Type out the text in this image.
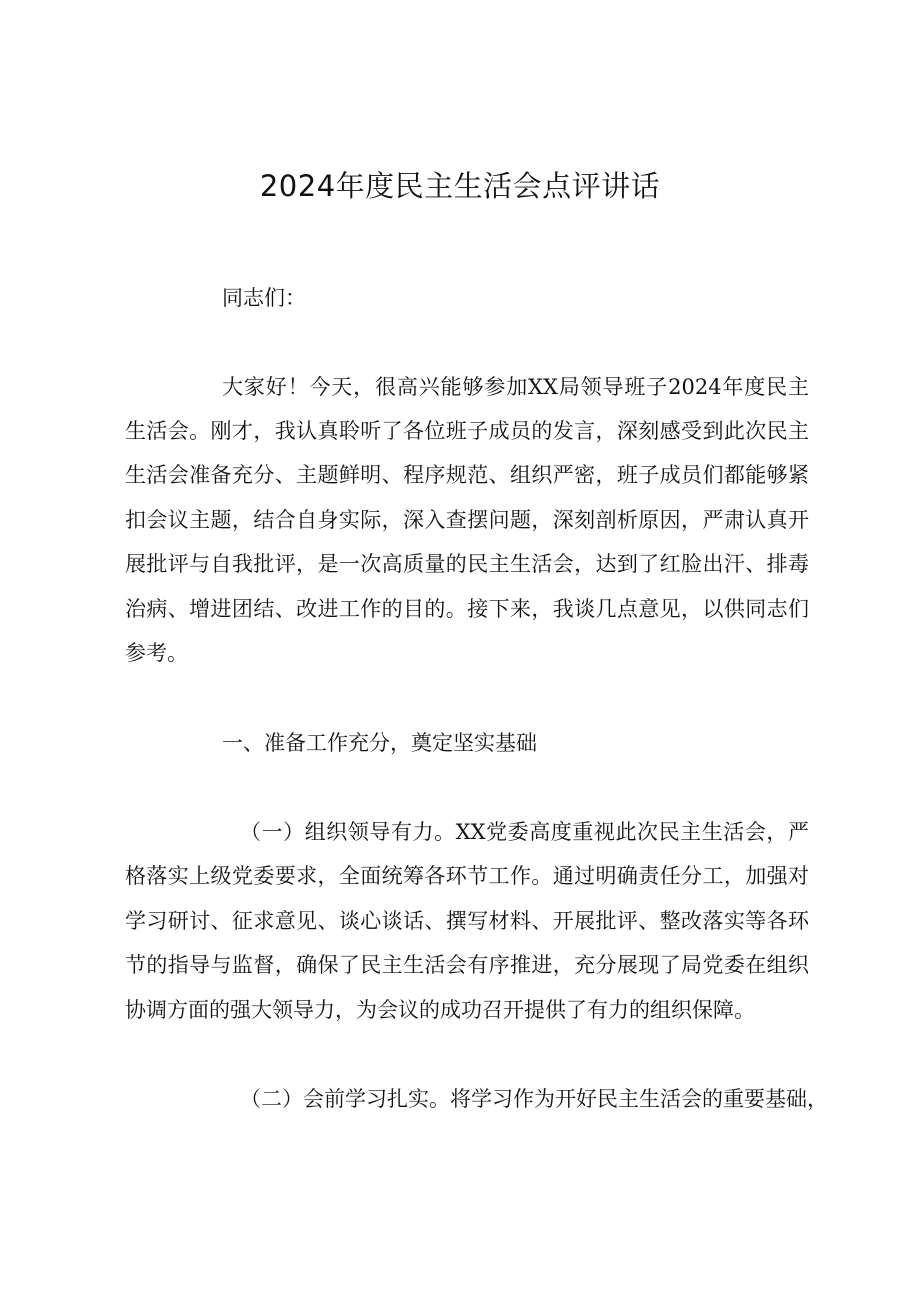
2024年度民主生活会点评讲话
同志们：
大家好！今天，很高兴能够参加XX局领导班子2024年度民主
生活会。刚才，我认真聆听了各位班子成员的发言，深刻感受到此次民主
生活会准备充分、主题鲜明、程序规范、组织严密，班子成员们都能够紧
扣会议主题，结合自身实际，深入查摆问题，深刻剖析原因，严肃认真开
展批评与自我批评，是一次高质量的民主生活会，达到了红脸出汗、排毒
治病、增进团结、改进工作的目的。接下来，我谈几点意见，以供同志们
参考。
一、准备工作充分，奠定坚实基础
（一）组织领导有力。XX党委高度重视此次民主生活会，严
格落实上级党委要求，全面统筹各环节工作。通过明确责任分工，加强对
学习研讨、征求意见、谈心谈话、撰写材料、开展批评、整改落实等各环
节的指导与监督，确保了民主生活会有序推进，充分展现了局党委在组织
协调方面的强大领导力，为会议的成功召开提供了有力的组织保障。
（二）会前学习扎实。将学习作为开好民主生活会的重要基础，
